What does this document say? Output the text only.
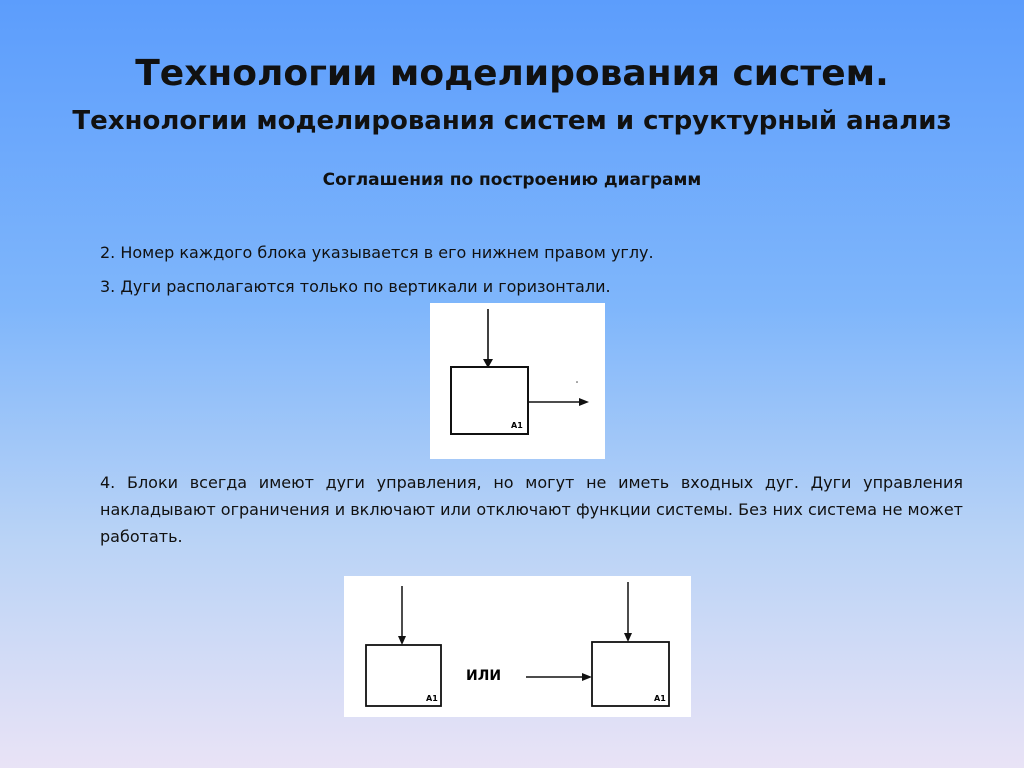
Технологии моделирования систем.
Технологии моделирования систем и структурный анализ
Соглашения по построению диаграмм
2. Номер каждого блока указывается в его нижнем правом углу.
3. Дуги располагаются только по вертикали и горизонтали.
A1
4. Блоки всегда имеют дуги управления, но могут не иметь входных дуг. Дуги управления накладывают ограничения и включают или отключают функции системы. Без них система не может работать.
A1
ИЛИ
A1
